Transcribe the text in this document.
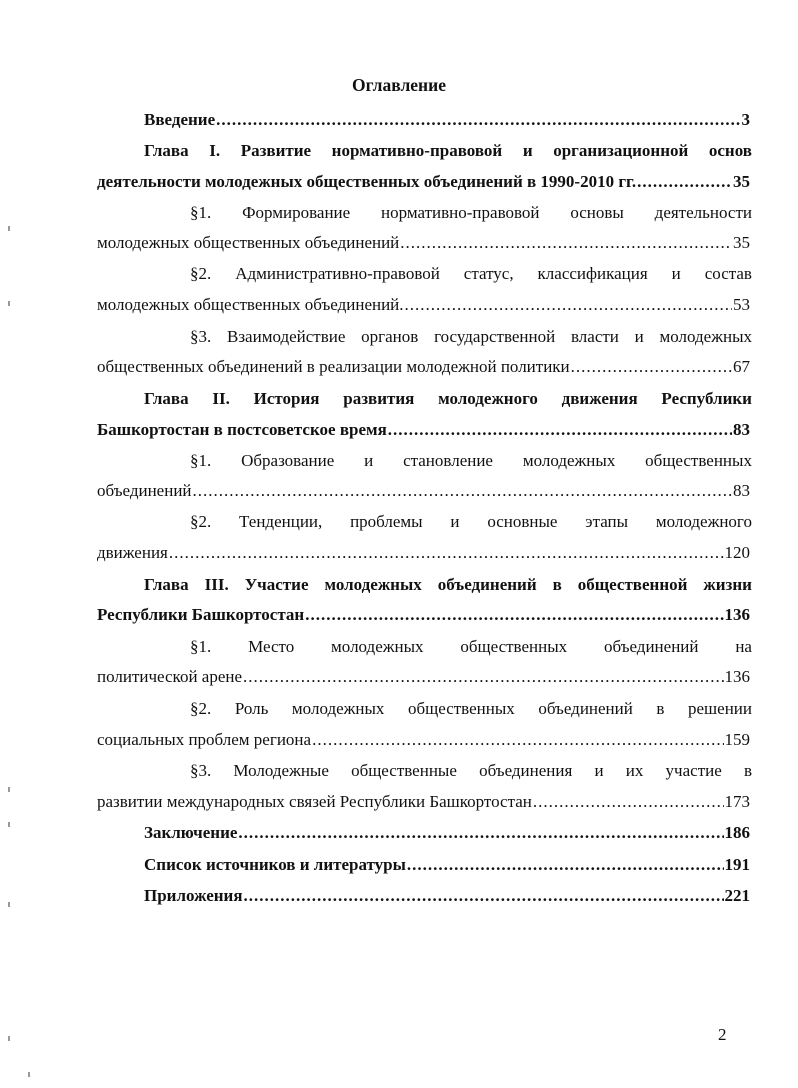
Оглавление
Введение .....	3
Глава I. Развитие нормативно-правовой и организационной основ
деятельности молодежных общественных объединений в 1990-2010 гг. .....	35
§1. Формирование нормативно-правовой основы деятельности
молодежных общественных объединений .....	35
§2. Административно-правовой статус, классификация и состав
молодежных общественных объединений. .....	53
§3. Взаимодействие органов государственной власти и молодежных
общественных объединений в реализации молодежной политики .....	67
Глава II. История развития молодежного движения Республики
Башкортостан в постсоветское время .....	83
§1. Образование и становление молодежных общественных
объединений .....	83
§2. Тенденции, проблемы и основные этапы молодежного
движения .....	120
Глава III. Участие молодежных объединений в общественной жизни
Республики Башкортостан .....	136
§1. Место молодежных общественных объединений на
политической арене .....	136
§2. Роль молодежных общественных объединений в решении
социальных проблем региона .....	159
§3. Молодежные общественные объединения и их участие в
развитии международных связей Республики Башкортостан .....	173
Заключение .....	186
Список источников и литературы .....	191
Приложения .....	221
2
